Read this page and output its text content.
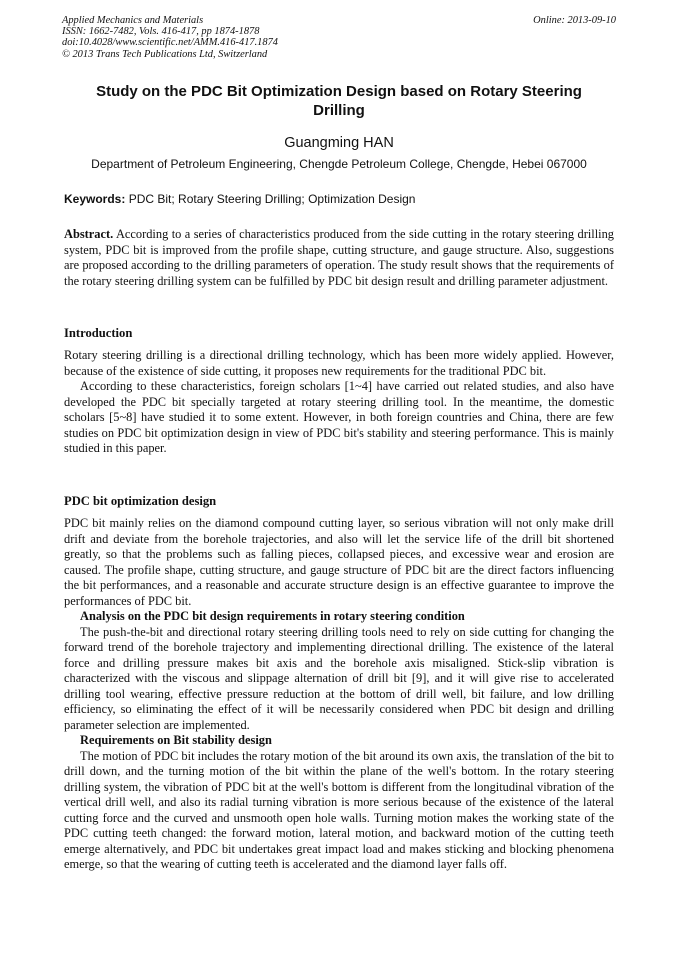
Applied Mechanics and Materials
ISSN: 1662-7482, Vols. 416-417, pp 1874-1878
doi:10.4028/www.scientific.net/AMM.416-417.1874
© 2013 Trans Tech Publications Ltd, Switzerland
Online: 2013-09-10
Study on the PDC Bit Optimization Design based on Rotary Steering Drilling
Guangming HAN
Department of Petroleum Engineering, Chengde Petroleum College, Chengde, Hebei 067000
Keywords: PDC Bit; Rotary Steering Drilling; Optimization Design

Abstract. According to a series of characteristics produced from the side cutting in the rotary steering drilling system, PDC bit is improved from the profile shape, cutting structure, and gauge structure. Also, suggestions are proposed according to the drilling parameters of operation. The study result shows that the requirements of the rotary steering drilling system can be fulfilled by PDC bit design result and drilling parameter adjustment.

Introduction

Rotary steering drilling is a directional drilling technology, which has been more widely applied. However, because of the existence of side cutting, it proposes new requirements for the traditional PDC bit.

According to these characteristics, foreign scholars [1~4] have carried out related studies, and also have developed the PDC bit specially targeted at rotary steering drilling tool. In the meantime, the domestic scholars [5~8] have studied it to some extent. However, in both foreign countries and China, there are few studies on PDC bit optimization design in view of PDC bit's stability and steering performance. This is mainly studied in this paper.

PDC bit optimization design

PDC bit mainly relies on the diamond compound cutting layer, so serious vibration will not only make drill drift and deviate from the borehole trajectories, and also will let the service life of the drill bit shortened greatly, so that the problems such as falling pieces, collapsed pieces, and excessive wear and erosion are caused. The profile shape, cutting structure, and gauge structure of PDC bit are the direct factors influencing the bit performances, and a reasonable and accurate structure design is an effective guarantee to improve the performances of PDC bit.

Analysis on the PDC bit design requirements in rotary steering condition

The push-the-bit and directional rotary steering drilling tools need to rely on side cutting for changing the forward trend of the borehole trajectory and implementing directional drilling. The existence of the lateral force and drilling pressure makes bit axis and the borehole axis misaligned. Stick-slip vibration is characterized with the viscous and slippage alternation of drill bit [9], and it will give rise to accelerated drilling tool wearing, effective pressure reduction at the bottom of drill well, bit failure, and low drilling efficiency, so eliminating the effect of it will be necessarily considered when PDC bit design and drilling parameter selection are implemented.

Requirements on Bit stability design

The motion of PDC bit includes the rotary motion of the bit around its own axis, the translation of the bit to drill down, and the turning motion of the bit within the plane of the well's bottom. In the rotary steering drilling system, the vibration of PDC bit at the well's bottom is different from the longitudinal vibration of the vertical drill well, and also its radial turning vibration is more serious because of the existence of the lateral cutting force and the curved and unsmooth open hole walls. Turning motion makes the working state of the PDC cutting teeth changed: the forward motion, lateral motion, and backward motion of the cutting teeth emerge alternatively, and PDC bit undertakes great impact load and makes sticking and blocking phenomena emerge, so that the wearing of cutting teeth is accelerated and the diamond layer falls off.
